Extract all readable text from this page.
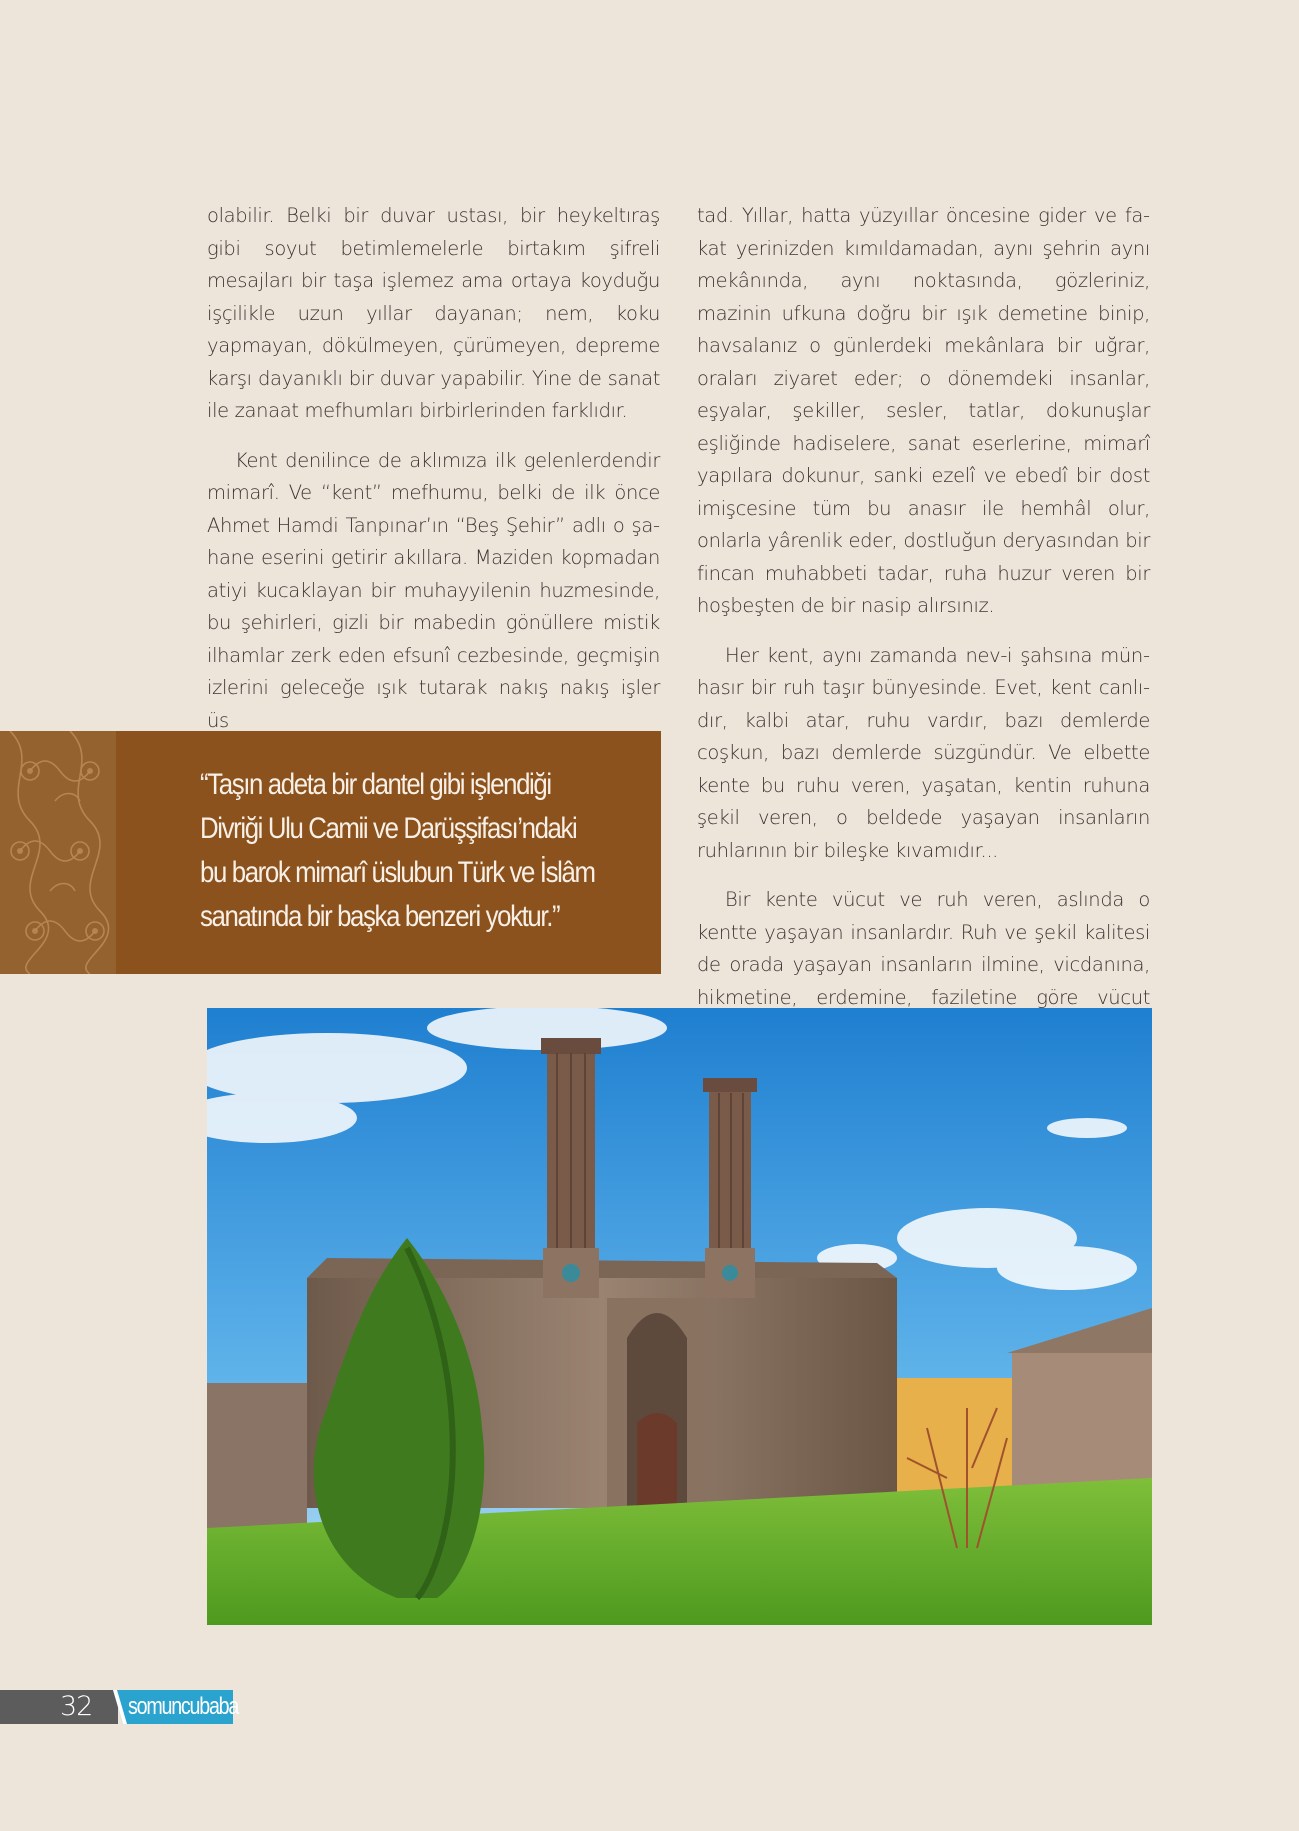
olabilir. Belki bir duvar ustası, bir heykeltıraş gibi soyut betimlemelerle birtakım şifreli mesajları bir taşa işlemez ama ortaya koyduğu işçilikle uzun yıllar dayanan; nem, koku yapmayan, dökülmeyen, çürümeyen, depreme karşı dayanıklı bir duvar yapabilir. Yine de sanat ile zanaat mefhumları birbirlerinden farklıdır.

Kent denilince de aklımıza ilk gelenlerdendir mimarî. Ve “kent” mefhumu, belki de ilk önce Ahmet Hamdi Tanpınar’ın “Beş Şehir” adlı o şahane eserini getirir akıllara. Maziden kopmadan atiyi kucaklayan bir muhayyilenin huzmesinde, bu şehirleri, gizli bir mabedin gönüllere mistik ilhamlar zerk eden efsunî cezbesinde, geçmişin izlerini geleceğe ışık tutarak nakış nakış işler üs

tad. Yıllar, hatta yüzyıllar öncesine gider ve fakat yerinizden kımıldamadan, aynı şehrin aynı mekânında, aynı noktasında, gözleriniz, mazinin ufkuna doğru bir ışık demetine binip, havsalanız o günlerdeki mekânlara bir uğrar, oraları ziyaret eder; o dönemdeki insanlar, eşyalar, şekiller, sesler, tatlar, dokunuşlar eşliğinde hadiselere, sanat eserlerine, mimarî yapılara dokunur, sanki ezelî ve ebedî bir dost imişcesine tüm bu anasır ile hemhâl olur, onlarla yârenlik eder, dostluğun deryasından bir fincan muhabbeti tadar, ruha huzur veren bir hoşbeşten de bir nasip alırsınız.

Her kent, aynı zamanda nev-i şahsına münhasır bir ruh taşır bünyesinde. Evet, kent canlıdır, kalbi atar, ruhu vardır, bazı demlerde coşkun, bazı demlerde süzgündür. Ve elbette kente bu ruhu veren, yaşatan, kentin ruhuna şekil veren, o beldede yaşayan insanların ruhlarının bir bileşke kıvamıdır...

Bir kente vücut ve ruh veren, aslında o kentte yaşayan insanlardır. Ruh ve şekil kalitesi de orada yaşayan insanların ilmine, vicdanına, hikmetine, erdemine, faziletine göre vücut

“Taşın adeta bir dantel gibi işlendiği
Divriği Ulu Camii ve Darüşşifası’ndaki
bu barok mimarî üslubun Türk ve İslâm
sanatında bir başka benzeri yoktur.”
32 somuncubaba
